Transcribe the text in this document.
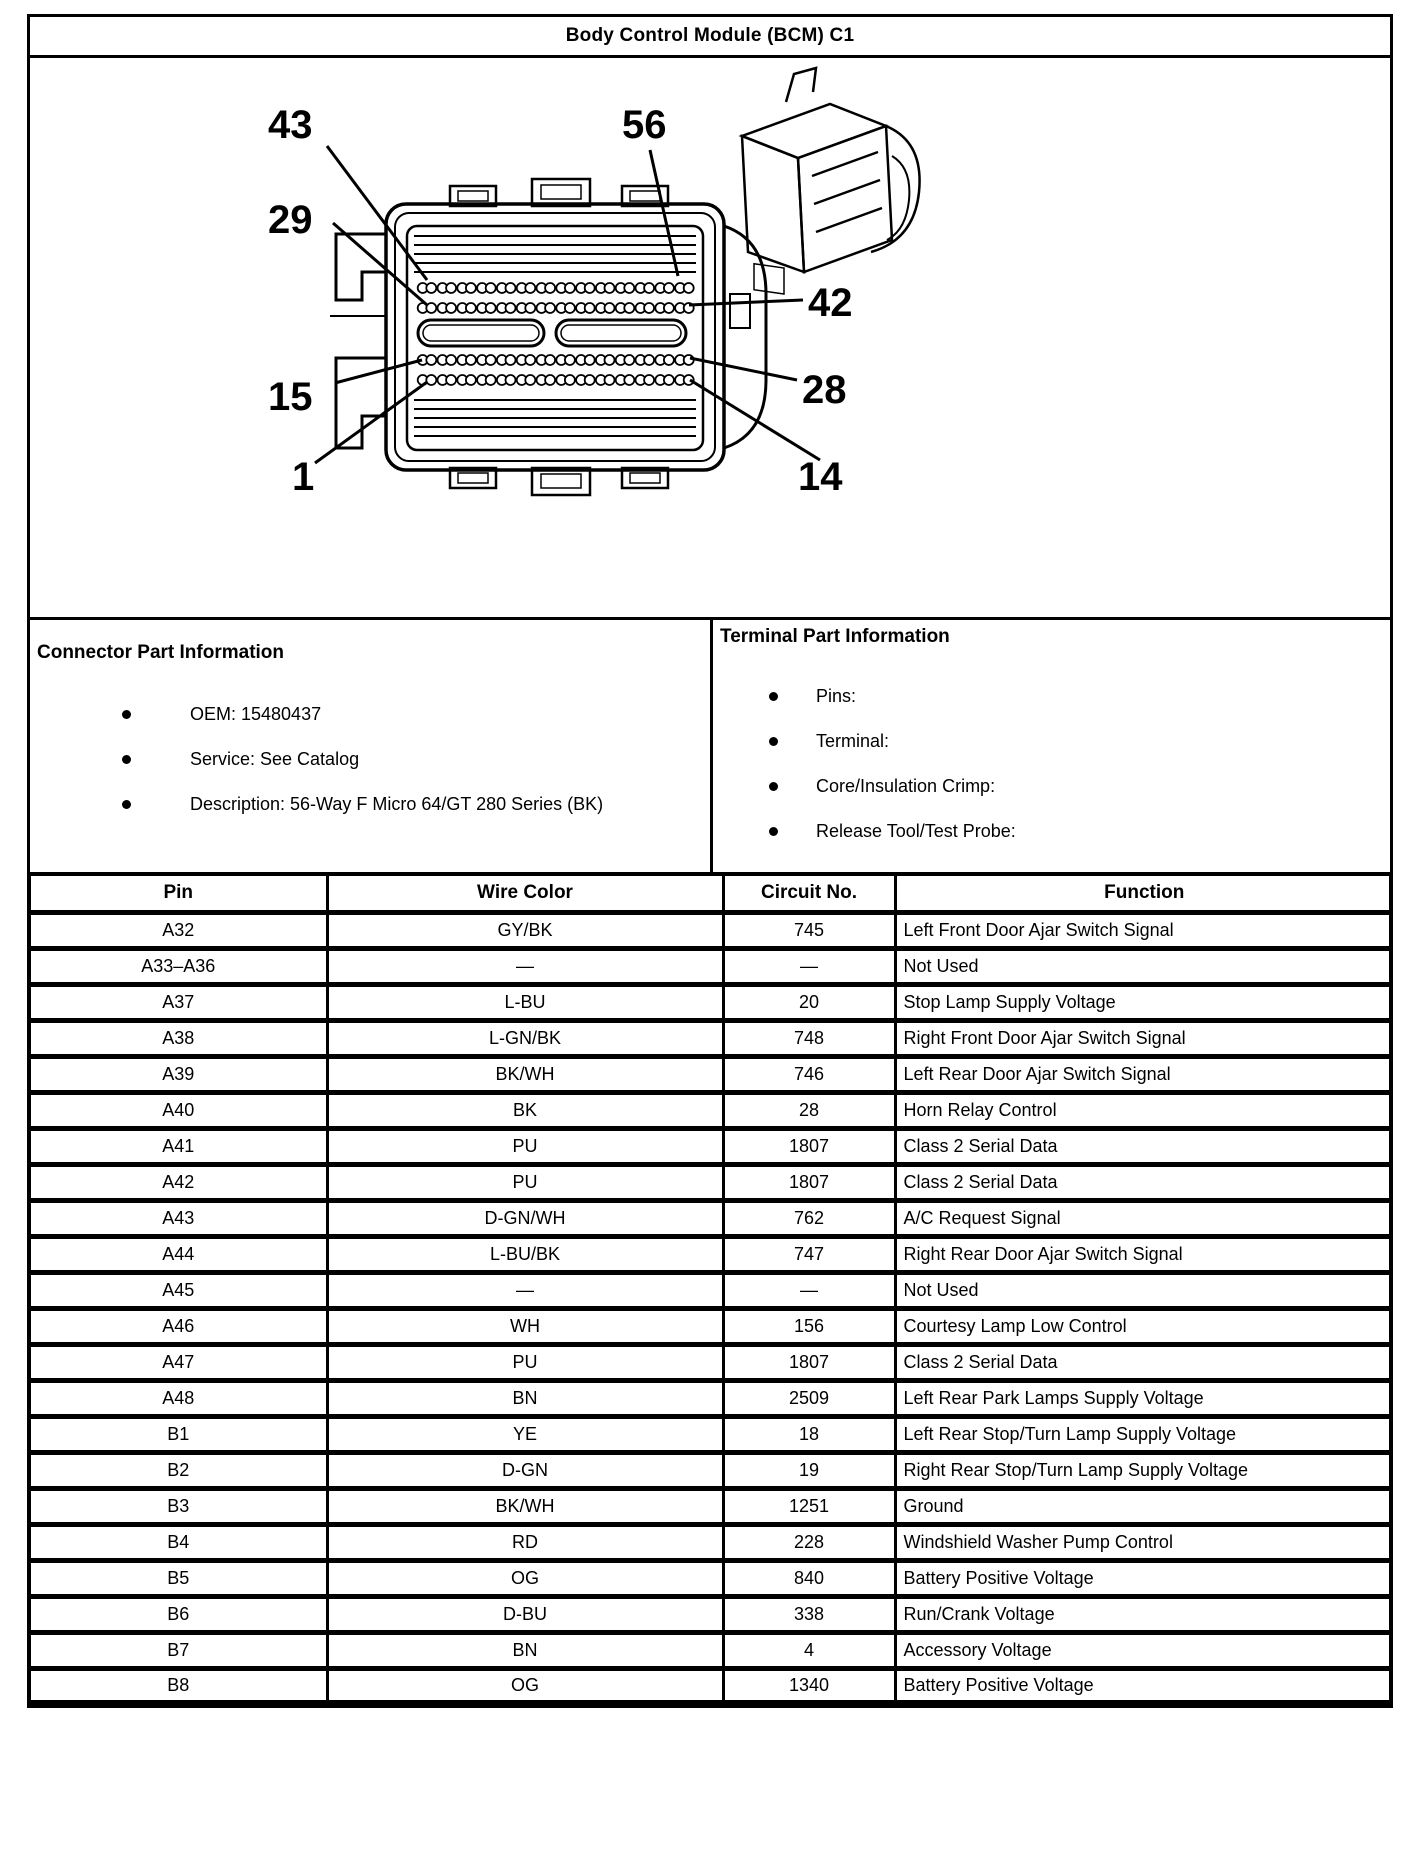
Body Control Module (BCM) C1
43	56
29
42
15	28
1	14
Connector Part Information
OEM: 15480437
Service: See Catalog
Description: 56-Way F Micro 64/GT 280 Series (BK)
Terminal Part Information
Pins:
Terminal:
Core/Insulation Crimp:
Release Tool/Test Probe:
Pin	Wire Color	Circuit No.	Function
A32	GY/BK	745	Left Front Door Ajar Switch Signal
A33–A36	—	—	Not Used
A37	L-BU	20	Stop Lamp Supply Voltage
A38	L-GN/BK	748	Right Front Door Ajar Switch Signal
A39	BK/WH	746	Left Rear Door Ajar Switch Signal
A40	BK	28	Horn Relay Control
A41	PU	1807	Class 2 Serial Data
A42	PU	1807	Class 2 Serial Data
A43	D-GN/WH	762	A/C Request Signal
A44	L-BU/BK	747	Right Rear Door Ajar Switch Signal
A45	—	—	Not Used
A46	WH	156	Courtesy Lamp Low Control
A47	PU	1807	Class 2 Serial Data
A48	BN	2509	Left Rear Park Lamps Supply Voltage
B1	YE	18	Left Rear Stop/Turn Lamp Supply Voltage
B2	D-GN	19	Right Rear Stop/Turn Lamp Supply Voltage
B3	BK/WH	1251	Ground
B4	RD	228	Windshield Washer Pump Control
B5	OG	840	Battery Positive Voltage
B6	D-BU	338	Run/Crank Voltage
B7	BN	4	Accessory Voltage
B8	OG	1340	Battery Positive Voltage
